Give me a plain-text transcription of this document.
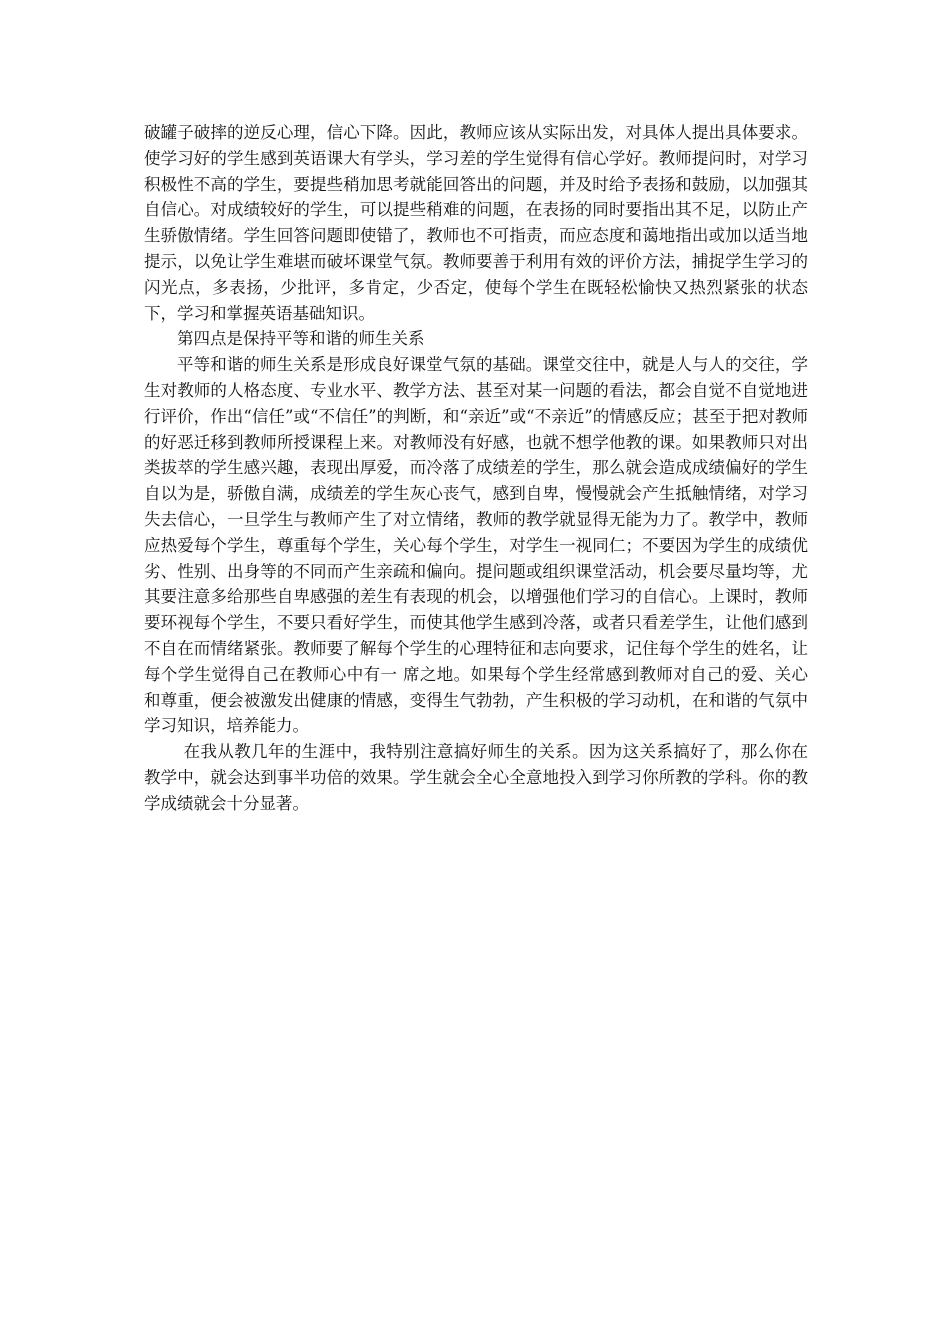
破罐子破摔的逆反心理，信心下降。因此，教师应该从实际出发，对具体人提出具体要求。使学习好的学生感到英语课大有学头，学习差的学生觉得有信心学好。教师提问时，对学习积极性不高的学生，要提些稍加思考就能回答出的问题，并及时给予表扬和鼓励，以加强其自信心。对成绩较好的学生，可以提些稍难的问题，在表扬的同时要指出其不足，以防止产生骄傲情绪。学生回答问题即使错了，教师也不可指责，而应态度和蔼地指出或加以适当地提示，以免让学生难堪而破坏课堂气氛。教师要善于利用有效的评价方法，捕捉学生学习的闪光点，多表扬，少批评，多肯定，少否定，使每个学生在既轻松愉快又热烈紧张的状态下，学习和掌握英语基础知识。

第四点是保持平等和谐的师生关系

平等和谐的师生关系是形成良好课堂气氛的基础。课堂交往中，就是人与人的交往，学生对教师的人格态度、专业水平、教学方法、甚至对某一问题的看法，都会自觉不自觉地进行评价，作出“信任”或“不信任”的判断，和“亲近”或“不亲近”的情感反应；甚至于把对教师的好恶迁移到教师所授课程上来。对教师没有好感，也就不想学他教的课。如果教师只对出类拔萃的学生感兴趣，表现出厚爱，而冷落了成绩差的学生，那么就会造成成绩偏好的学生自以为是，骄傲自满，成绩差的学生灰心丧气，感到自卑，慢慢就会产生抵触情绪，对学习失去信心，一旦学生与教师产生了对立情绪，教师的教学就显得无能为力了。教学中，教师应热爱每个学生，尊重每个学生，关心每个学生，对学生一视同仁；不要因为学生的成绩优劣、性别、出身等的不同而产生亲疏和偏向。提问题或组织课堂活动，机会要尽量均等，尤其要注意多给那些自卑感强的差生有表现的机会，以增强他们学习的自信心。上课时，教师要环视每个学生，不要只看好学生，而使其他学生感到冷落，或者只看差学生，让他们感到不自在而情绪紧张。教师要了解每个学生的心理特征和志向要求，记住每个学生的姓名，让每个学生觉得自己在教师心中有一 席之地。如果每个学生经常感到教师对自己的爱、关心和尊重，便会被激发出健康的情感，变得生气勃勃，产生积极的学习动机，在和谐的气氛中学习知识，培养能力。

在我从教几年的生涯中，我特别注意搞好师生的关系。因为这关系搞好了，那么你在教学中，就会达到事半功倍的效果。学生就会全心全意地投入到学习你所教的学科。你的教学成绩就会十分显著。
